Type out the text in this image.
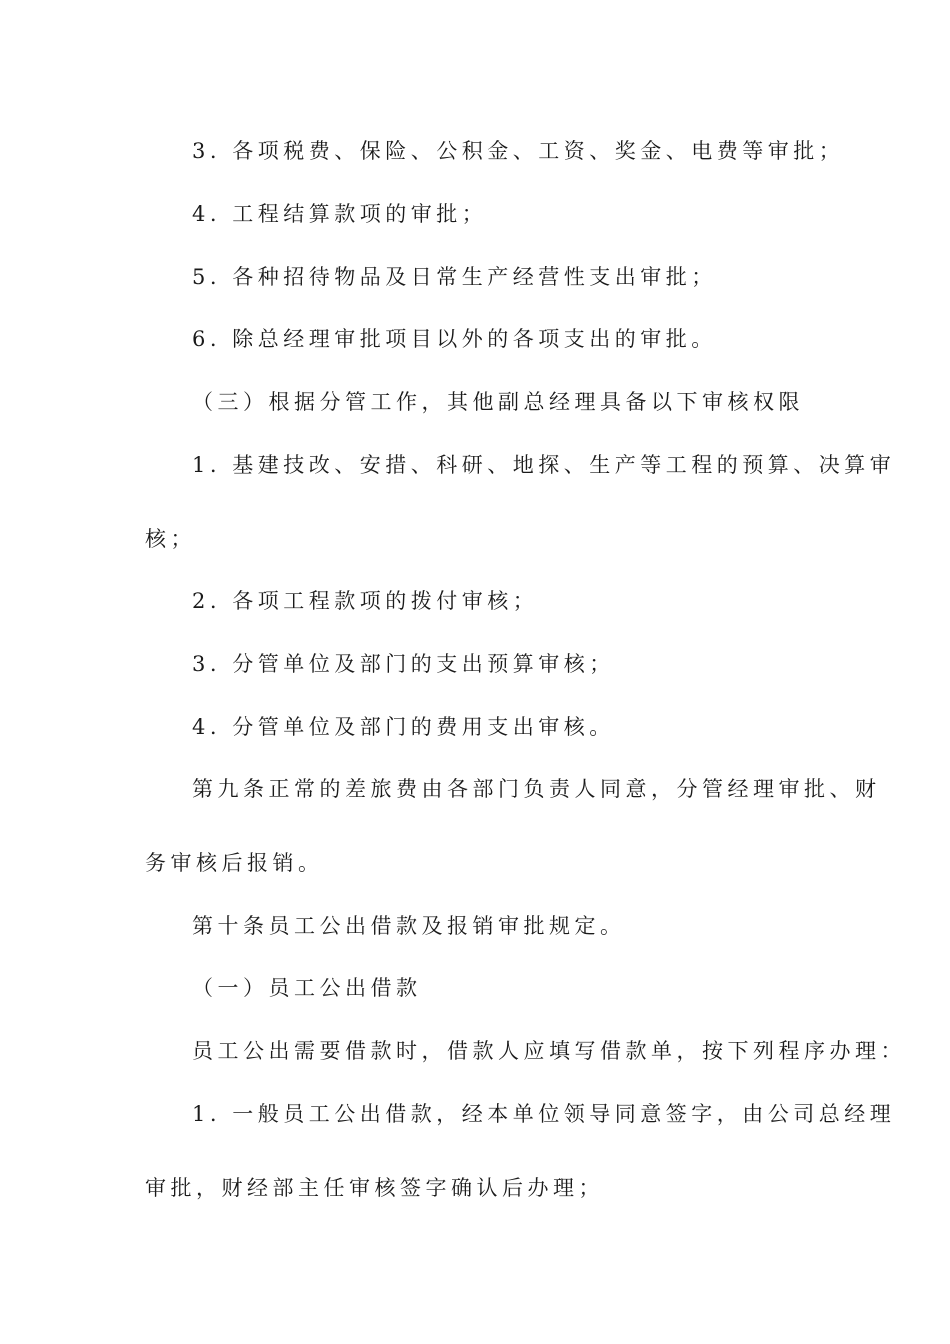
3. 各项税费、保险、公积金、工资、奖金、电费等审批；
4. 工程结算款项的审批；
5. 各种招待物品及日常生产经营性支出审批；
6. 除总经理审批项目以外的各项支出的审批。
（三）根据分管工作，其他副总经理具备以下审核权限
1. 基建技改、安措、科研、地探、生产等工程的预算、决算审
核；
2. 各项工程款项的拨付审核；
3. 分管单位及部门的支出预算审核；
4. 分管单位及部门的费用支出审核。
第九条正常的差旅费由各部门负责人同意，分管经理审批、财
务审核后报销。
第十条员工公出借款及报销审批规定。
（一）员工公出借款
员工公出需要借款时，借款人应填写借款单，按下列程序办理：
1. 一般员工公出借款，经本单位领导同意签字，由公司总经理
审批，财经部主任审核签字确认后办理；
